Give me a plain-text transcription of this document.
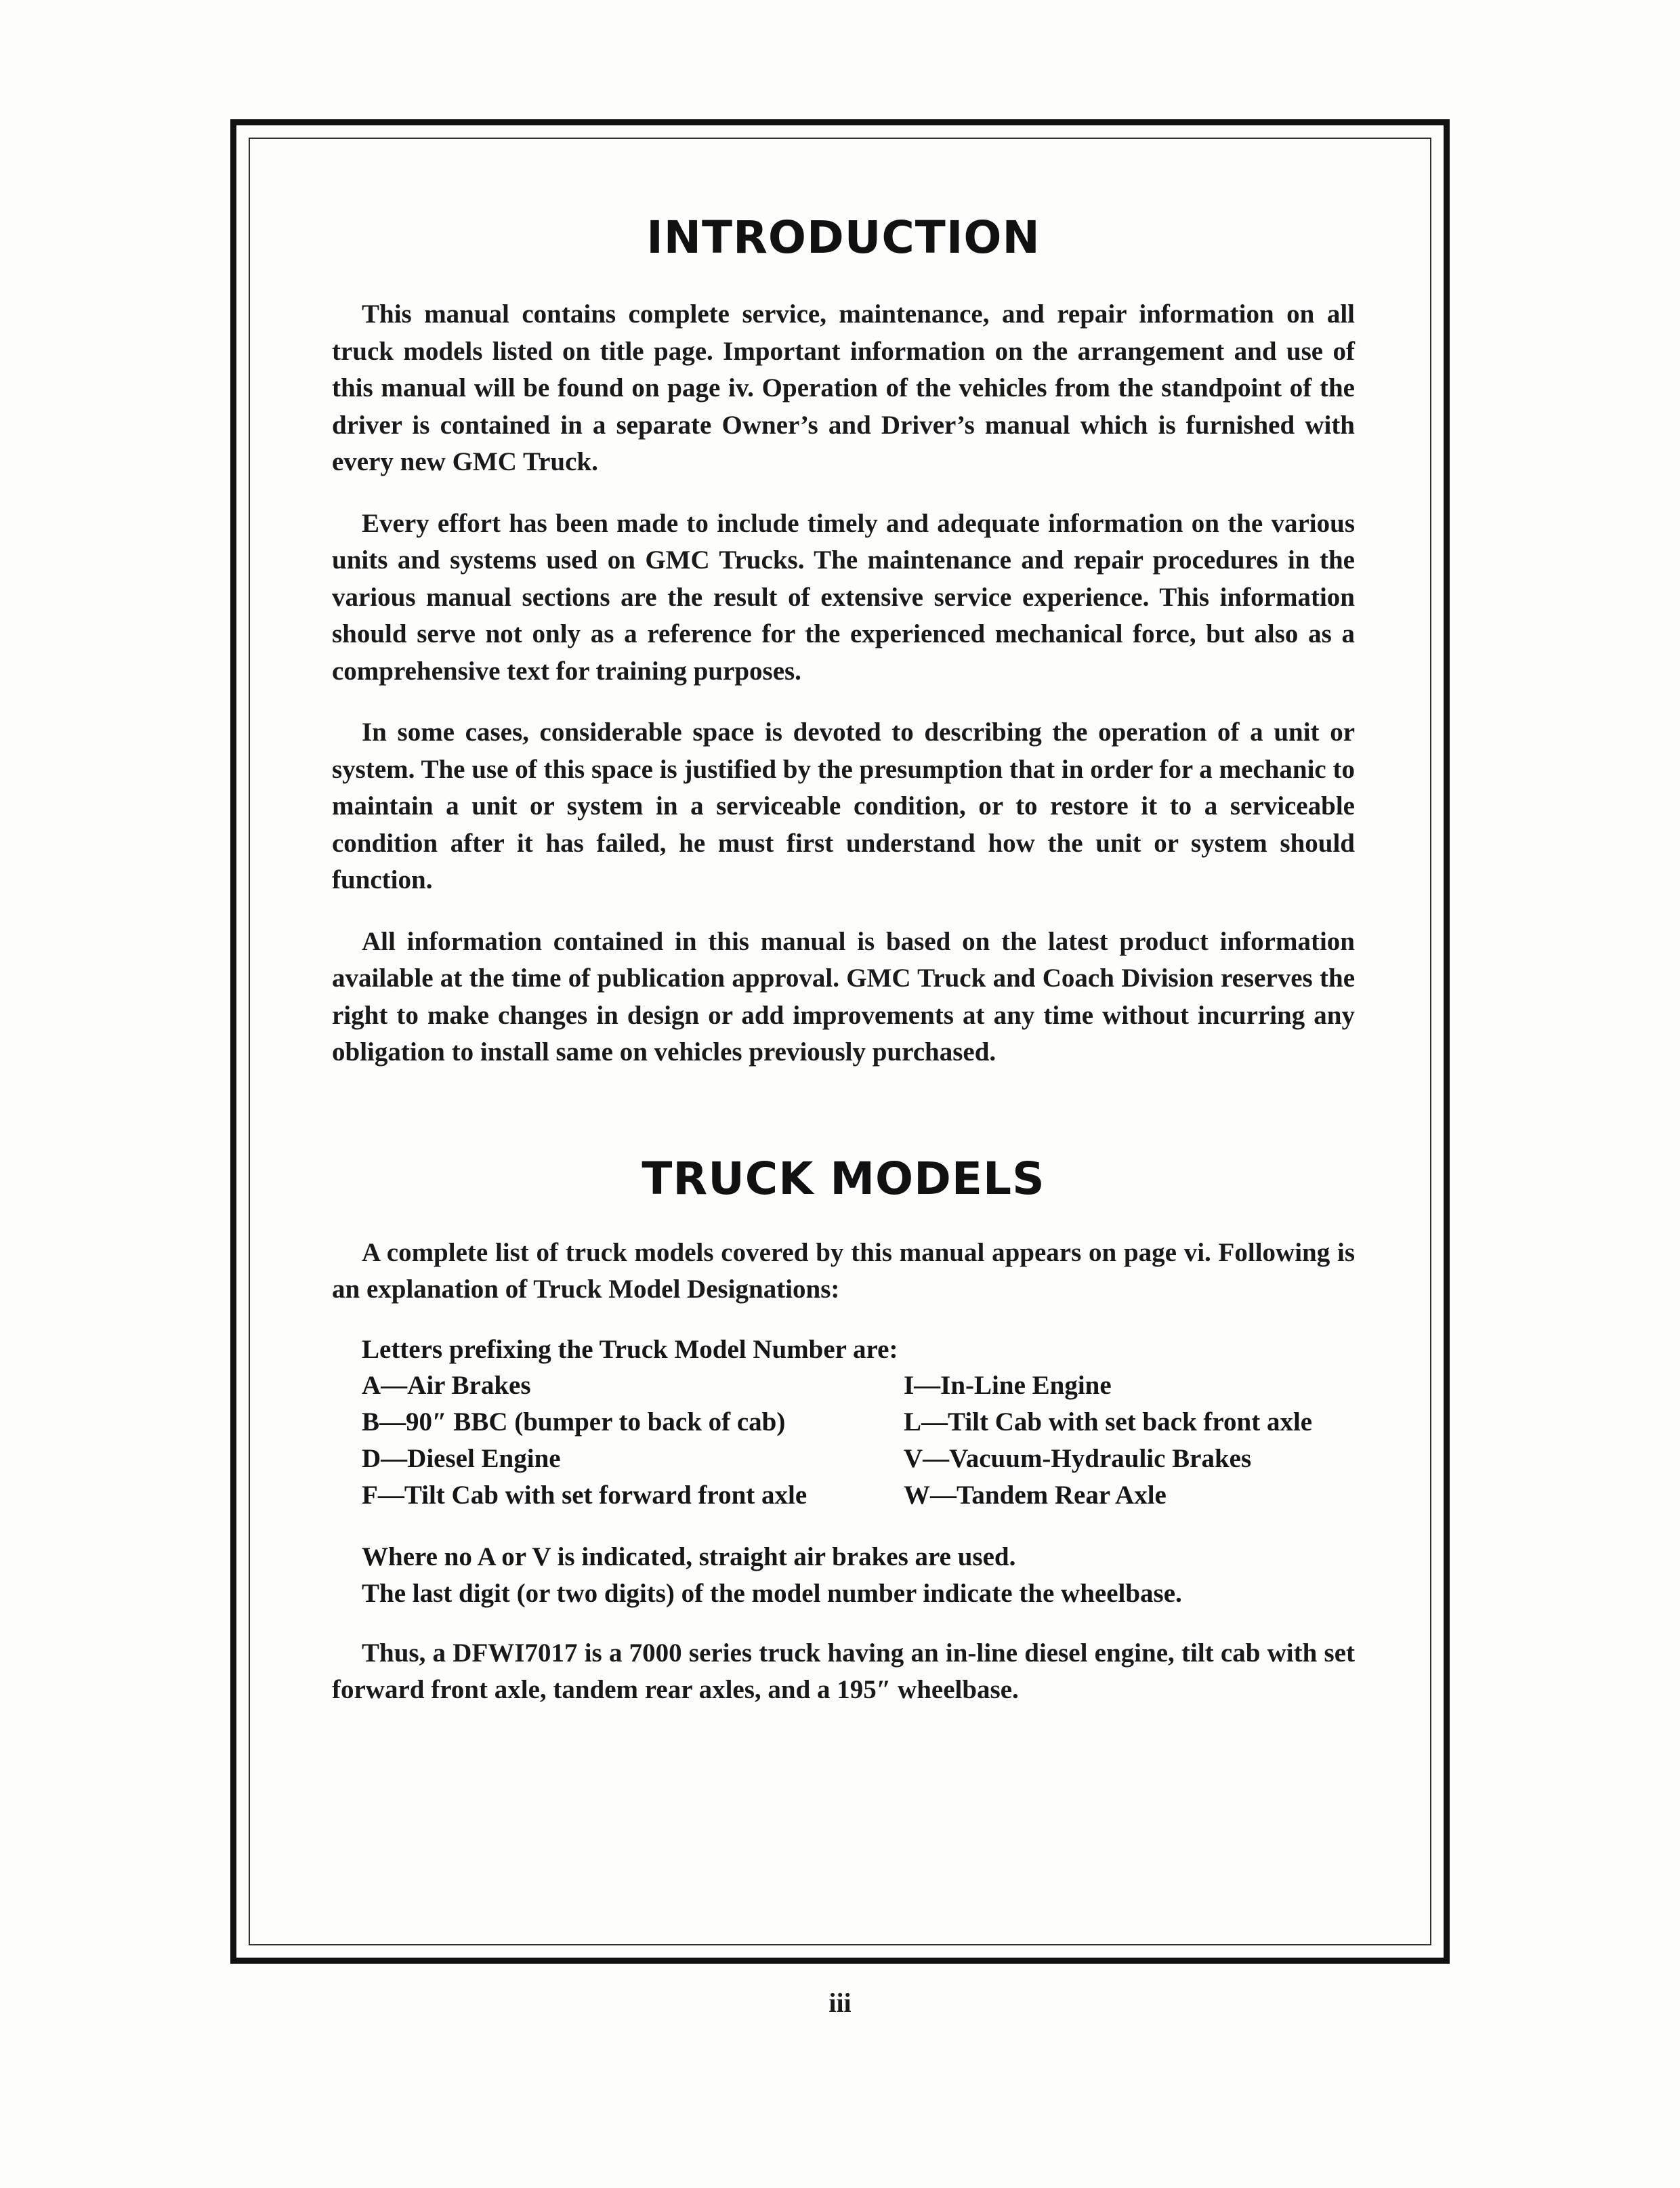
INTRODUCTION

This manual contains complete service, maintenance, and repair information on all truck models listed on title page. Important information on the arrangement and use of this manual will be found on page iv. Operation of the vehicles from the standpoint of the driver is contained in a separate Owner’s and Driver’s manual which is furnished with every new GMC Truck.

Every effort has been made to include timely and adequate information on the various units and systems used on GMC Trucks. The maintenance and repair procedures in the various manual sections are the result of extensive service experience. This information should serve not only as a reference for the experienced mechanical force, but also as a comprehensive text for training purposes.

In some cases, considerable space is devoted to describing the operation of a unit or system. The use of this space is justified by the presumption that in order for a mechanic to maintain a unit or system in a serviceable condition, or to restore it to a serviceable condition after it has failed, he must first understand how the unit or system should function.

All information contained in this manual is based on the latest product information available at the time of publication approval. GMC Truck and Coach Division reserves the right to make changes in design or add improvements at any time without incurring any obligation to install same on vehicles previously purchased.

TRUCK MODELS

A complete list of truck models covered by this manual appears on page vi. Following is an explanation of Truck Model Designations:

Letters prefixing the Truck Model Number are:
A—Air Brakes
B—90″ BBC (bumper to back of cab)
D—Diesel Engine
F—Tilt Cab with set forward front axle
I—In-Line Engine
L—Tilt Cab with set back front axle
V—Vacuum-Hydraulic Brakes
W—Tandem Rear Axle
Where no A or V is indicated, straight air brakes are used.
The last digit (or two digits) of the model number indicate the wheelbase.

Thus, a DFWI7017 is a 7000 series truck having an in-line diesel engine, tilt cab with set forward front axle, tandem rear axles, and a 195″ wheelbase.

iii
